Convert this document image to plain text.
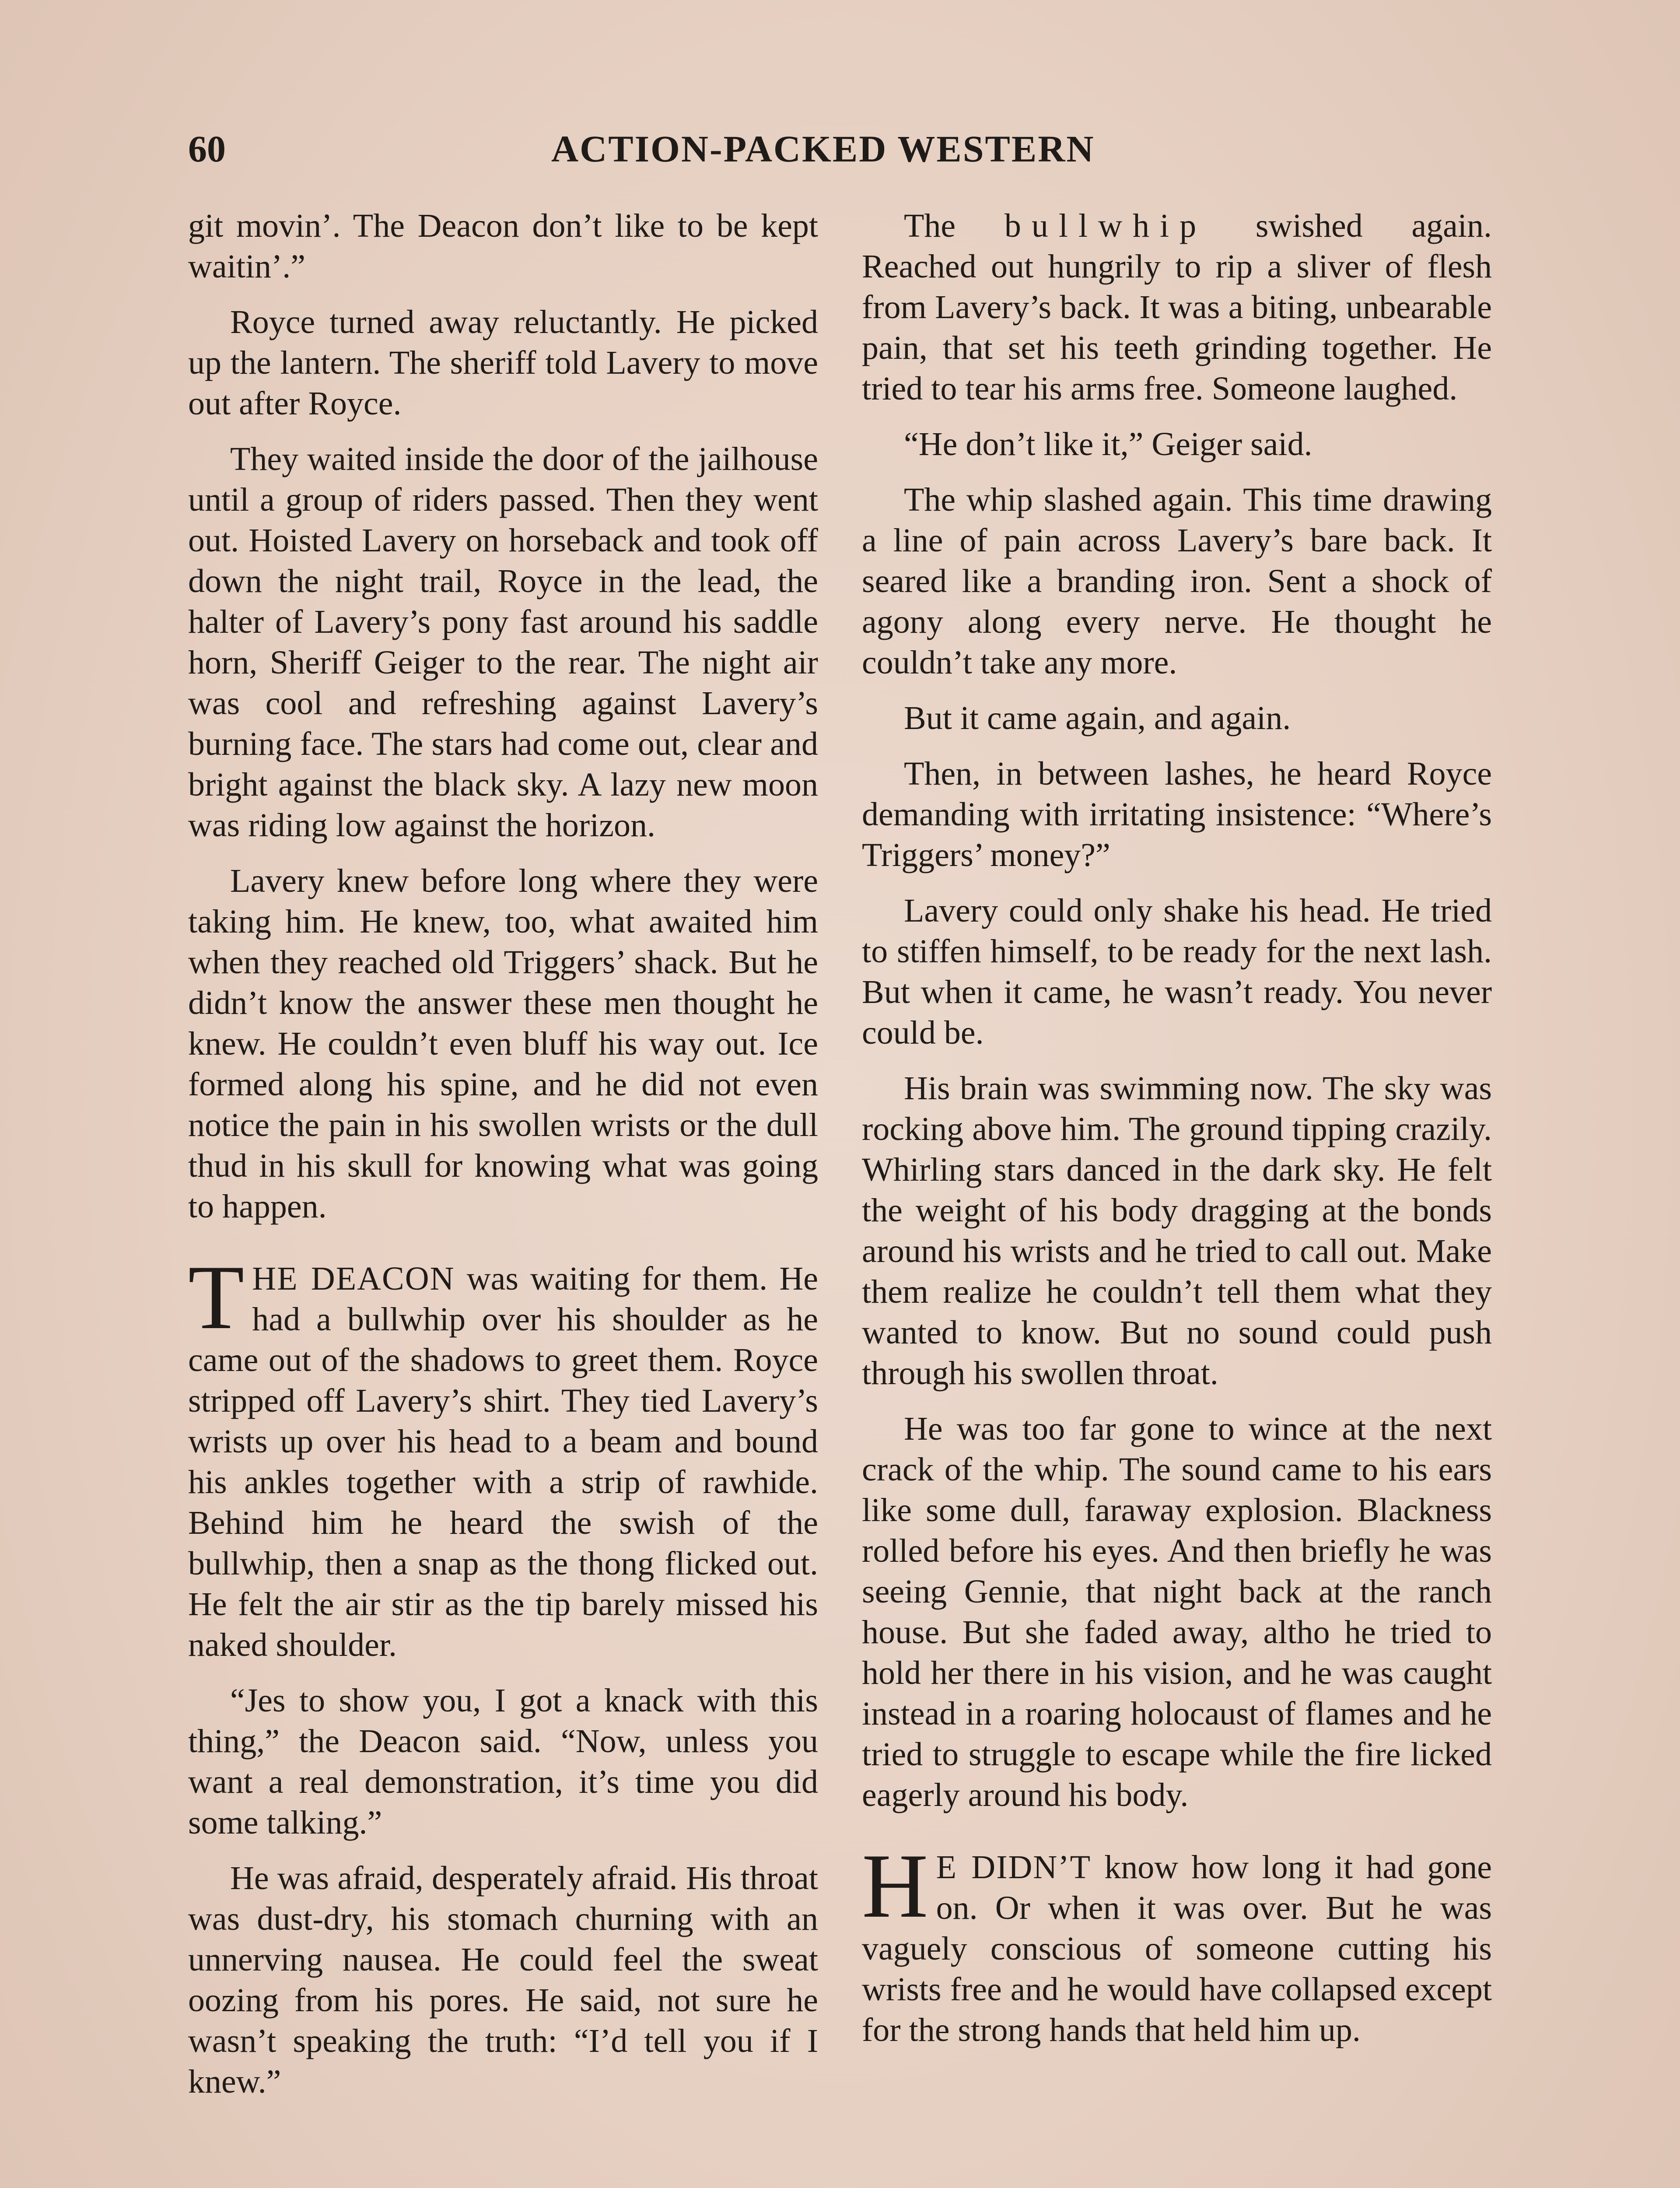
60	ACTION-PACKED WESTERN

git movin’. The Deacon don’t like to be kept waitin’.”

Royce turned away reluctantly. He picked up the lantern. The sheriff told Lavery to move out after Royce.

They waited inside the door of the jailhouse until a group of riders passed. Then they went out. Hoisted Lavery on horseback and took off down the night trail, Royce in the lead, the halter of Lavery’s pony fast around his saddle horn, Sheriff Geiger to the rear. The night air was cool and refreshing against Lavery’s burning face. The stars had come out, clear and bright against the black sky. A lazy new moon was riding low against the horizon.

Lavery knew before long where they were taking him. He knew, too, what awaited him when they reached old Triggers’ shack. But he didn’t know the answer these men thought he knew. He couldn’t even bluff his way out. Ice formed along his spine, and he did not even notice the pain in his swollen wrists or the dull thud in his skull for knowing what was going to happen.

THE DEACON was waiting for them. He had a bullwhip over his shoulder as he came out of the shadows to greet them. Royce stripped off Lavery’s shirt. They tied Lavery’s wrists up over his head to a beam and bound his ankles together with a strip of rawhide. Behind him he heard the swish of the bullwhip, then a snap as the thong flicked out. He felt the air stir as the tip barely missed his naked shoulder.

“Jes to show you, I got a knack with this thing,” the Deacon said. “Now, unless you want a real demonstration, it’s time you did some talking.”

He was afraid, desperately afraid. His throat was dust-dry, his stomach churning with an unnerving nausea. He could feel the sweat oozing from his pores. He said, not sure he wasn’t speaking the truth: “I’d tell you if I knew.”

The bullwhip swished again. Reached out hungrily to rip a sliver of flesh from Lavery’s back. It was a biting, unbearable pain, that set his teeth grinding together. He tried to tear his arms free. Someone laughed.

“He don’t like it,” Geiger said.

The whip slashed again. This time drawing a line of pain across Lavery’s bare back. It seared like a branding iron. Sent a shock of agony along every nerve. He thought he couldn’t take any more.

But it came again, and again.

Then, in between lashes, he heard Royce demanding with irritating insistence: “Where’s Triggers’ money?”

Lavery could only shake his head. He tried to stiffen himself, to be ready for the next lash. But when it came, he wasn’t ready. You never could be.

His brain was swimming now. The sky was rocking above him. The ground tipping crazily. Whirling stars danced in the dark sky. He felt the weight of his body dragging at the bonds around his wrists and he tried to call out. Make them realize he couldn’t tell them what they wanted to know. But no sound could push through his swollen throat.

He was too far gone to wince at the next crack of the whip. The sound came to his ears like some dull, faraway explosion. Blackness rolled before his eyes. And then briefly he was seeing Gennie, that night back at the ranch house. But she faded away, altho he tried to hold her there in his vision, and he was caught instead in a roaring holocaust of flames and he tried to struggle to escape while the fire licked eagerly around his body.

H E DIDN’T know how long it had gone on. Or when it was over. But he was vaguely conscious of someone cutting his wrists free and he would have collapsed except for the strong hands that held him up.
